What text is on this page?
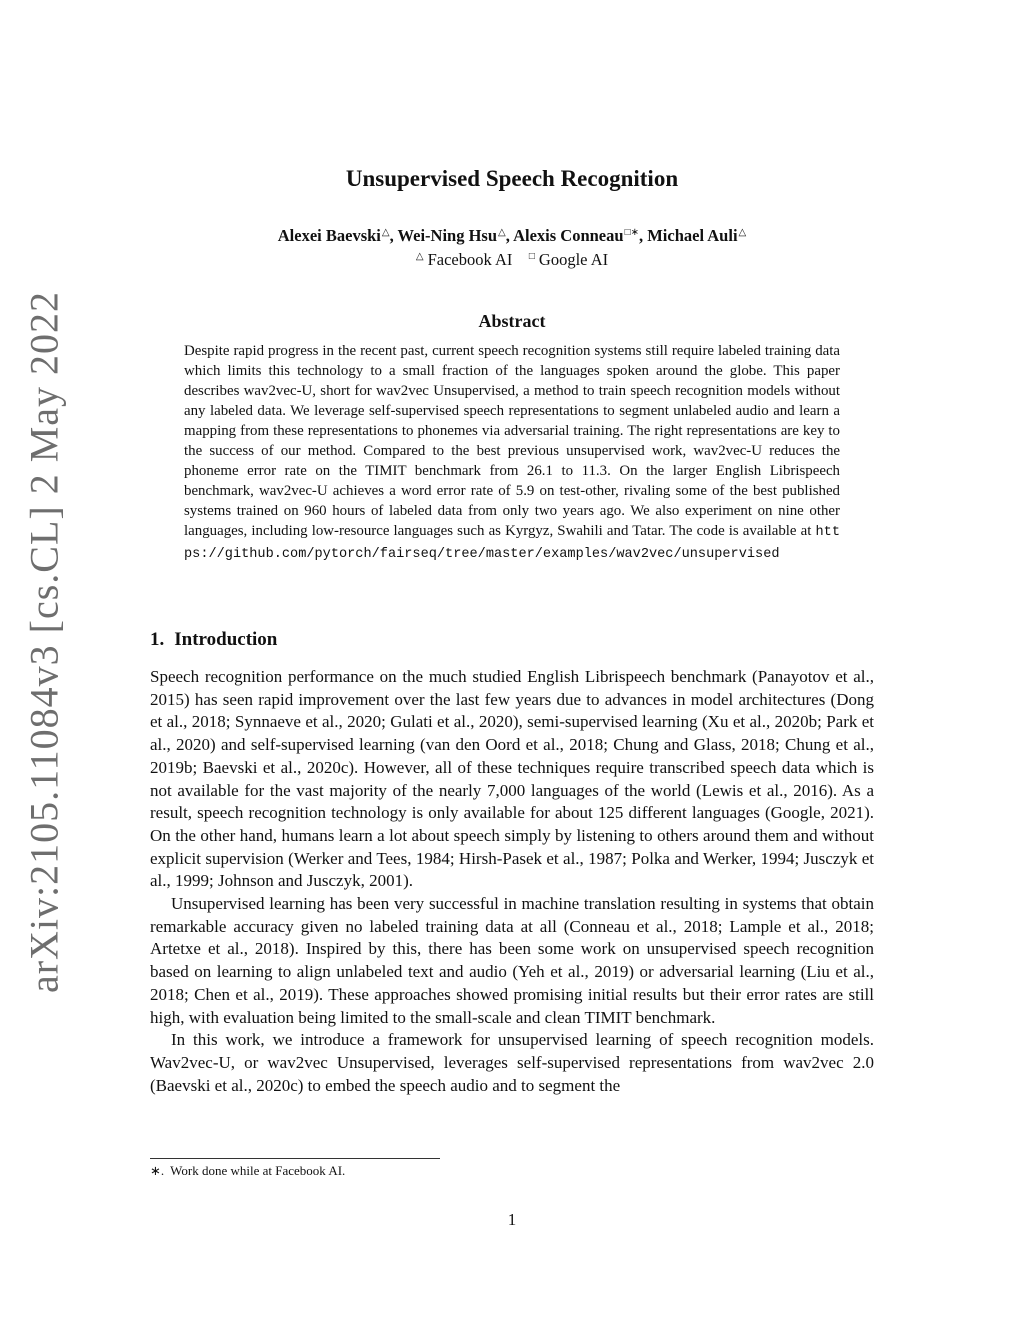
arXiv:2105.11084v3 [cs.CL] 2 May 2022
Unsupervised Speech Recognition
Alexei Baevski△, Wei-Ning Hsu△, Alexis Conneau□∗, Michael Auli△
△ Facebook AI □ Google AI
Abstract
Despite rapid progress in the recent past, current speech recognition systems still require labeled training data which limits this technology to a small fraction of the languages spoken around the globe. This paper describes wav2vec-U, short for wav2vec Unsupervised, a method to train speech recognition models without any labeled data. We leverage self-supervised speech representations to segment unlabeled audio and learn a mapping from these representations to phonemes via adversarial training. The right representations are key to the success of our method. Compared to the best previous unsupervised work, wav2vec-U reduces the phoneme error rate on the TIMIT benchmark from 26.1 to 11.3. On the larger English Librispeech benchmark, wav2vec-U achieves a word error rate of 5.9 on test-other, rivaling some of the best published systems trained on 960 hours of labeled data from only two years ago. We also experiment on nine other languages, including low-resource languages such as Kyrgyz, Swahili and Tatar. The code is available at https://github.com/pytorch/fairseq/tree/master/examples/wav2vec/unsupervised
1. Introduction

Speech recognition performance on the much studied English Librispeech benchmark (Panayotov et al., 2015) has seen rapid improvement over the last few years due to advances in model architectures (Dong et al., 2018; Synnaeve et al., 2020; Gulati et al., 2020), semi-supervised learning (Xu et al., 2020b; Park et al., 2020) and self-supervised learning (van den Oord et al., 2018; Chung and Glass, 2018; Chung et al., 2019b; Baevski et al., 2020c). However, all of these techniques require transcribed speech data which is not available for the vast majority of the nearly 7,000 languages of the world (Lewis et al., 2016). As a result, speech recognition technology is only available for about 125 different languages (Google, 2021). On the other hand, humans learn a lot about speech simply by listening to others around them and without explicit supervision (Werker and Tees, 1984; Hirsh-Pasek et al., 1987; Polka and Werker, 1994; Jusczyk et al., 1999; Johnson and Jusczyk, 2001).

Unsupervised learning has been very successful in machine translation resulting in systems that obtain remarkable accuracy given no labeled training data at all (Conneau et al., 2018; Lample et al., 2018; Artetxe et al., 2018). Inspired by this, there has been some work on unsupervised speech recognition based on learning to align unlabeled text and audio (Yeh et al., 2019) or adversarial learning (Liu et al., 2018; Chen et al., 2019). These approaches showed promising initial results but their error rates are still high, with evaluation being limited to the small-scale and clean TIMIT benchmark.

In this work, we introduce a framework for unsupervised learning of speech recognition models. Wav2vec-U, or wav2vec Unsupervised, leverages self-supervised representations from wav2vec 2.0 (Baevski et al., 2020c) to embed the speech audio and to segment the

∗. Work done while at Facebook AI.
1
